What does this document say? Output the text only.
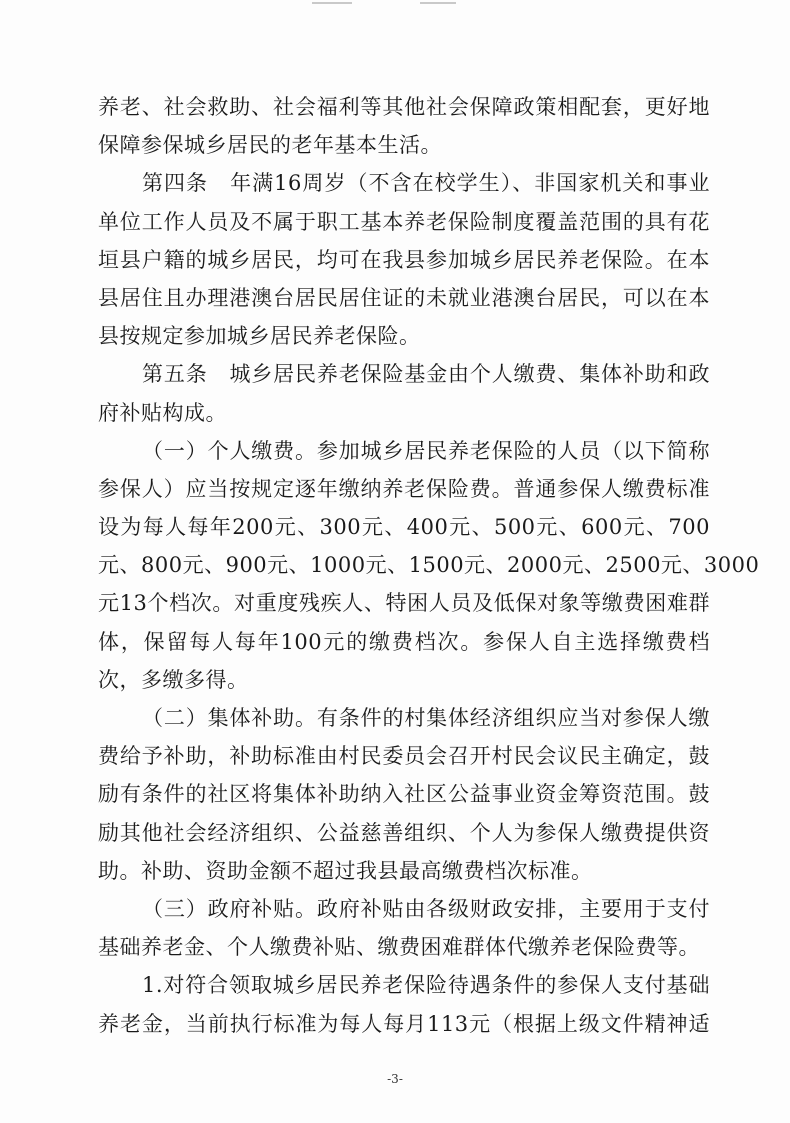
养老、社会救助、社会福利等其他社会保障政策相配套，更好地
保障参保城乡居民的老年基本生活。
第四条　年满16周岁（不含在校学生）、非国家机关和事业
单位工作人员及不属于职工基本养老保险制度覆盖范围的具有花
垣县户籍的城乡居民，均可在我县参加城乡居民养老保险。在本
县居住且办理港澳台居民居住证的未就业港澳台居民，可以在本
县按规定参加城乡居民养老保险。
第五条　城乡居民养老保险基金由个人缴费、集体补助和政
府补贴构成。
（一）个人缴费。参加城乡居民养老保险的人员（以下简称
参保人）应当按规定逐年缴纳养老保险费。普通参保人缴费标准
设为每人每年200元、300元、400元、500元、600元、700
元、800元、900元、1000元、1500元、2000元、2500元、3000
元13个档次。对重度残疾人、特困人员及低保对象等缴费困难群
体，保留每人每年100元的缴费档次。参保人自主选择缴费档
次，多缴多得。
（二）集体补助。有条件的村集体经济组织应当对参保人缴
费给予补助，补助标准由村民委员会召开村民会议民主确定，鼓
励有条件的社区将集体补助纳入社区公益事业资金筹资范围。鼓
励其他社会经济组织、公益慈善组织、个人为参保人缴费提供资
助。补助、资助金额不超过我县最高缴费档次标准。
（三）政府补贴。政府补贴由各级财政安排，主要用于支付
基础养老金、个人缴费补贴、缴费困难群体代缴养老保险费等。
1.对符合领取城乡居民养老保险待遇条件的参保人支付基础
养老金，当前执行标准为每人每月113元（根据上级文件精神适
-3-
